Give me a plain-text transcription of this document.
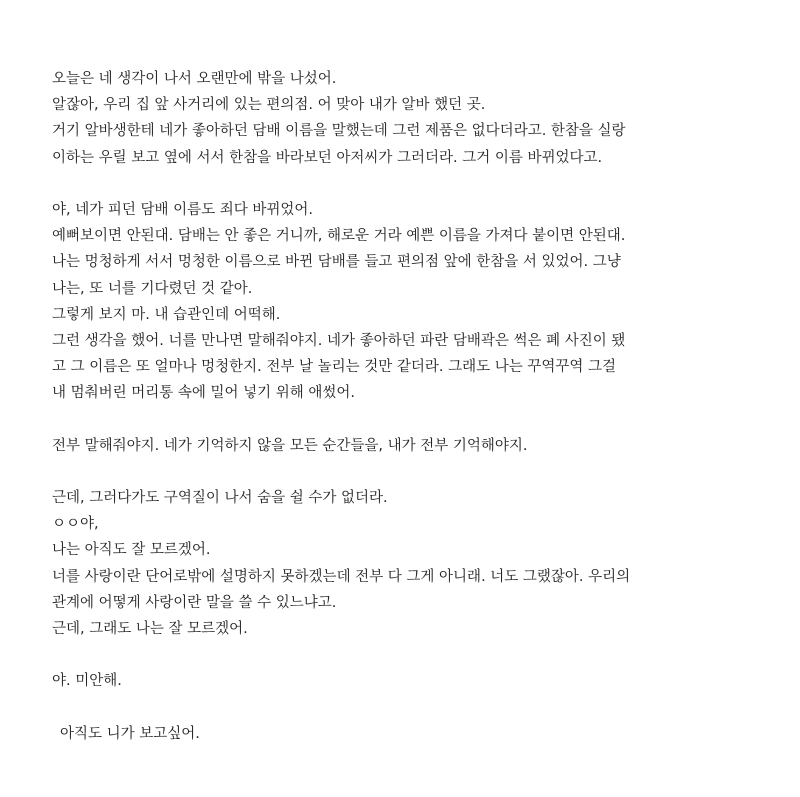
오늘은 네 생각이 나서 오랜만에 밖을 나섰어.
알잖아, 우리 집 앞 사거리에 있는 편의점. 어 맞아 내가 알바 했던 곳.
거기 알바생한테 네가 좋아하던 담배 이름을 말했는데 그런 제품은 없다더라고. 한참을 실랑
이하는 우릴 보고 옆에 서서 한참을 바라보던 아저씨가 그러더라. 그거 이름 바뀌었다고.
야, 네가 피던 담배 이름도 죄다 바뀌었어.
예뻐보이면 안된대. 담배는 안 좋은 거니까, 해로운 거라 예쁜 이름을 가져다 붙이면 안된대.
나는 멍청하게 서서 멍청한 이름으로 바뀐 담배를 들고 편의점 앞에 한참을 서 있었어. 그냥
나는, 또 너를 기다렸던 것 같아.
그렇게 보지 마. 내 습관인데 어떡해.
그런 생각을 했어. 너를 만나면 말해줘야지. 네가 좋아하던 파란 담배곽은 썩은 폐 사진이 됐
고 그 이름은 또 얼마나 멍청한지. 전부 날 놀리는 것만 같더라. 그래도 나는 꾸역꾸역 그걸
내 멈춰버린 머리통 속에 밀어 넣기 위해 애썼어.
전부 말해줘야지. 네가 기억하지 않을 모든 순간들을, 내가 전부 기억해야지.
근데, 그러다가도 구역질이 나서 숨을 쉴 수가 없더라.
ㅇㅇ야,
나는 아직도 잘 모르겠어.
너를 사랑이란 단어로밖에 설명하지 못하겠는데 전부 다 그게 아니래. 너도 그랬잖아. 우리의
관계에 어떻게 사랑이란 말을 쓸 수 있느냐고.
근데, 그래도 나는 잘 모르겠어.
야. 미안해.
아직도 니가 보고싶어.
